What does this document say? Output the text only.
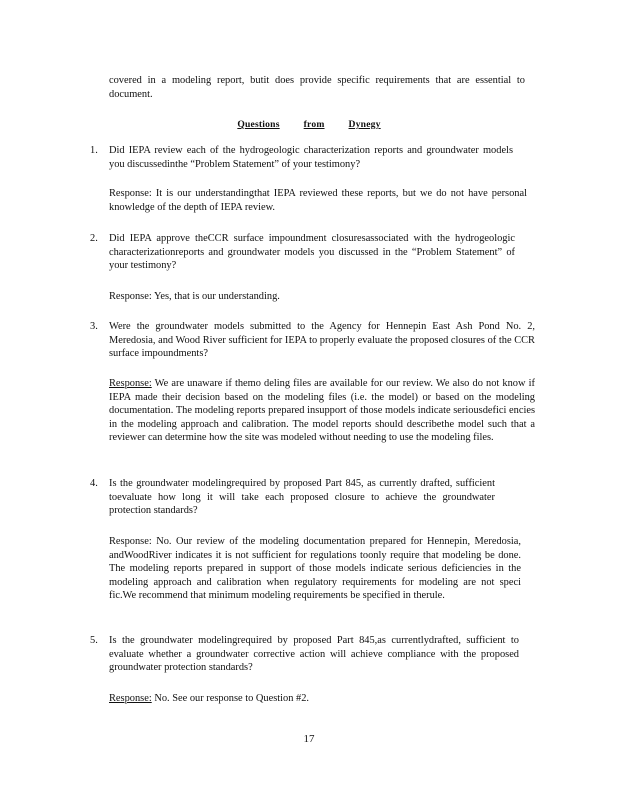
covered in a modeling report, butit does provide specific requirements that are essential to document.

Questions	from	Dynegy

1. Did IEPA review each of the hydrogeologic characterization reports and groundwater models you discussedinthe “Problem Statement” of your testimony?

Response: It is our understandingthat IEPA reviewed these reports, but we do not have personal knowledge of the depth of IEPA review.

2. Did IEPA approve theCCR surface impoundment closuresassociated with the hydrogeologic characterizationreports and groundwater models you discussed in the “Problem Statement” of your testimony?

Response: Yes, that is our understanding.

3. Were the groundwater models submitted to the Agency for Hennepin East Ash Pond No. 2, Meredosia, and Wood River sufficient for IEPA to properly evaluate the proposed closures of the CCR surface impoundments?

Response: We are unaware if themo deling files are available for our review. We also do not know if IEPA made their decision based on the modeling files (i.e. the model) or based on the modeling documentation. The modeling reports prepared insupport of those models indicate seriousdefici encies in the modeling approach and calibration. The model reports should describethe model such that a reviewer can determine how the site was modeled without needing to use the modeling files.

4. Is the groundwater modelingrequired by proposed Part 845, as currently drafted, sufficient toevaluate how long it will take each proposed closure to achieve the groundwater protection standards?

Response: No. Our review of the modeling documentation prepared for Hennepin, Meredosia, andWoodRiver indicates it is not sufficient for regulations toonly require that modeling be done. The modeling reports prepared in support of those models indicate serious deficiencies in the modeling approach and calibration when regulatory requirements for modeling are not speci fic.We recommend that minimum modeling requirements be specified in therule.

5. Is the groundwater modelingrequired by proposed Part 845,as currentlydrafted, sufficient to evaluate whether a groundwater corrective action will achieve compliance with the proposed groundwater protection standards?

Response: No. See our response to Question #2.

17
